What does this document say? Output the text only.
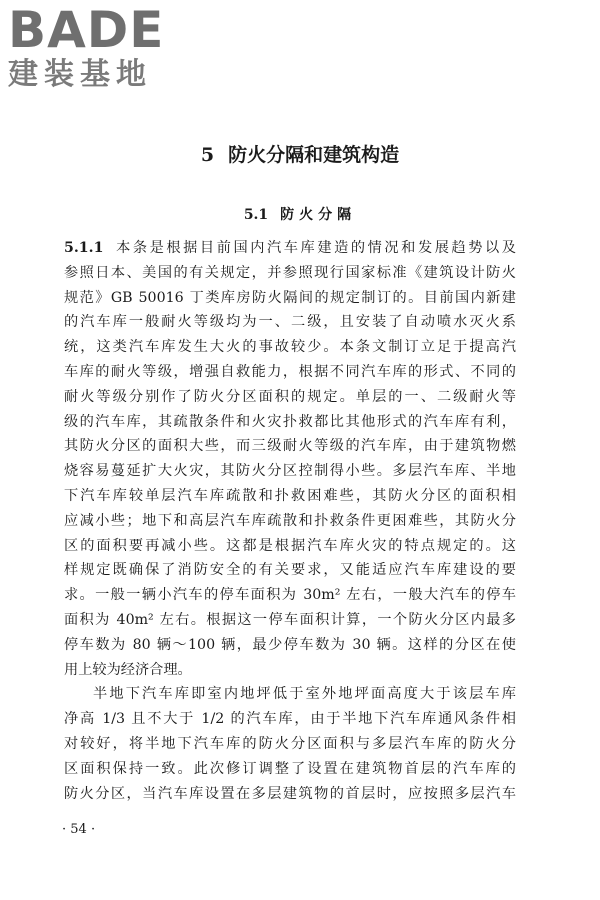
BADE
建装基地
5 防火分隔和建筑构造
5.1 防火分隔
5.1.1 本条是根据目前国内汽车库建造的情况和发展趋势以及
参照日本、美国的有关规定，并参照现行国家标准《建筑设计防火
规范》GB 50016 丁类库房防火隔间的规定制订的。目前国内新建
的汽车库一般耐火等级均为一、二级，且安装了自动喷水灭火系
统，这类汽车库发生大火的事故较少。本条文制订立足于提高汽
车库的耐火等级，增强自救能力，根据不同汽车库的形式、不同的
耐火等级分别作了防火分区面积的规定。单层的一、二级耐火等
级的汽车库，其疏散条件和火灾扑救都比其他形式的汽车库有利，
其防火分区的面积大些，而三级耐火等级的汽车库，由于建筑物燃
烧容易蔓延扩大火灾，其防火分区控制得小些。多层汽车库、半地
下汽车库较单层汽车库疏散和扑救困难些，其防火分区的面积相
应减小些；地下和高层汽车库疏散和扑救条件更困难些，其防火分
区的面积要再减小些。这都是根据汽车库火灾的特点规定的。这
样规定既确保了消防安全的有关要求，又能适应汽车库建设的要
求。一般一辆小汽车的停车面积为 30m² 左右，一般大汽车的停车
面积为 40m² 左右。根据这一停车面积计算，一个防火分区内最多
停车数为 80 辆～100 辆，最少停车数为 30 辆。这样的分区在使
用上较为经济合理。
半地下汽车库即室内地坪低于室外地坪面高度大于该层车库
净高 1/3 且不大于 1/2 的汽车库，由于半地下汽车库通风条件相
对较好，将半地下汽车库的防火分区面积与多层汽车库的防火分
区面积保持一致。此次修订调整了设置在建筑物首层的汽车库的
防火分区，当汽车库设置在多层建筑物的首层时，应按照多层汽车
· 54 ·
